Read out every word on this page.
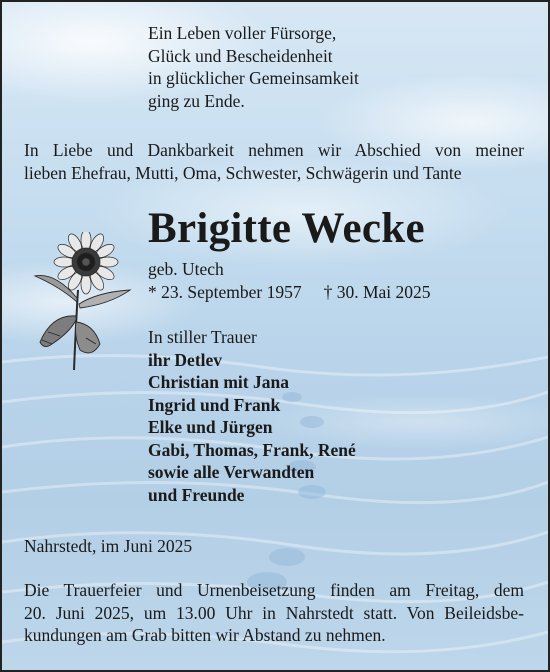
Ein Leben voller Fürsorge,
Glück und Bescheidenheit
in glücklicher Gemeinsamkeit
ging zu Ende.
In Liebe und Dankbarkeit nehmen wir Abschied von meiner
lieben Ehefrau, Mutti, Oma, Schwester, Schwägerin und Tante
Brigitte Wecke
geb. Utech
* 23. September 1957 † 30. Mai 2025
In stiller Trauer
ihr Detlev
Christian mit Jana
Ingrid und Frank
Elke und Jürgen
Gabi, Thomas, Frank, René
sowie alle Verwandten
und Freunde
Nahrstedt, im Juni 2025
Die Trauerfeier und Urnenbeisetzung finden am Freitag, dem
20. Juni 2025, um 13.00 Uhr in Nahrstedt statt. Von Beileidsbe-
kundungen am Grab bitten wir Abstand zu nehmen.
